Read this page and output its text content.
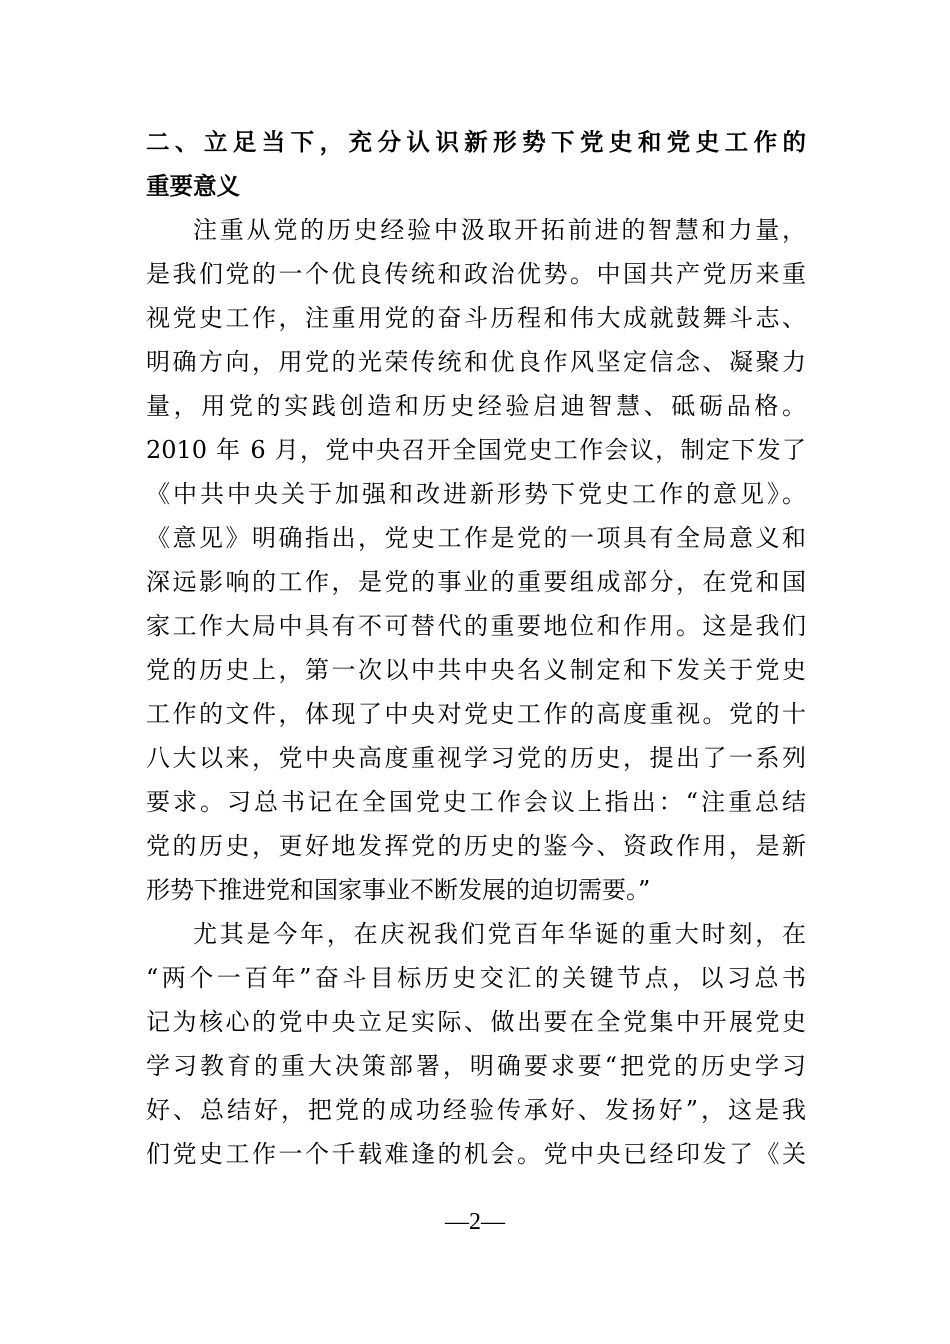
二、立足当下，充分认识新形势下党史和党史工作的
重要意义
注重从党的历史经验中汲取开拓前进的智慧和力量，
是我们党的一个优良传统和政治优势。中国共产党历来重
视党史工作，注重用党的奋斗历程和伟大成就鼓舞斗志、
明确方向，用党的光荣传统和优良作风坚定信念、凝聚力
量，用党的实践创造和历史经验启迪智慧、砥砺品格。
2010 年 6 月，党中央召开全国党史工作会议，制定下发了
《中共中央关于加强和改进新形势下党史工作的意见》。
《意见》明确指出，党史工作是党的一项具有全局意义和
深远影响的工作，是党的事业的重要组成部分，在党和国
家工作大局中具有不可替代的重要地位和作用。这是我们
党的历史上，第一次以中共中央名义制定和下发关于党史
工作的文件，体现了中央对党史工作的高度重视。党的十
八大以来，党中央高度重视学习党的历史，提出了一系列
要求。习总书记在全国党史工作会议上指出：“注重总结
党的历史，更好地发挥党的历史的鉴今、资政作用，是新
形势下推进党和国家事业不断发展的迫切需要。”
尤其是今年，在庆祝我们党百年华诞的重大时刻，在
“两个一百年”奋斗目标历史交汇的关键节点，以习总书
记为核心的党中央立足实际、做出要在全党集中开展党史
学习教育的重大决策部署，明确要求要“把党的历史学习
好、总结好，把党的成功经验传承好、发扬好”，这是我
们党史工作一个千载难逢的机会。党中央已经印发了《关
—2—
